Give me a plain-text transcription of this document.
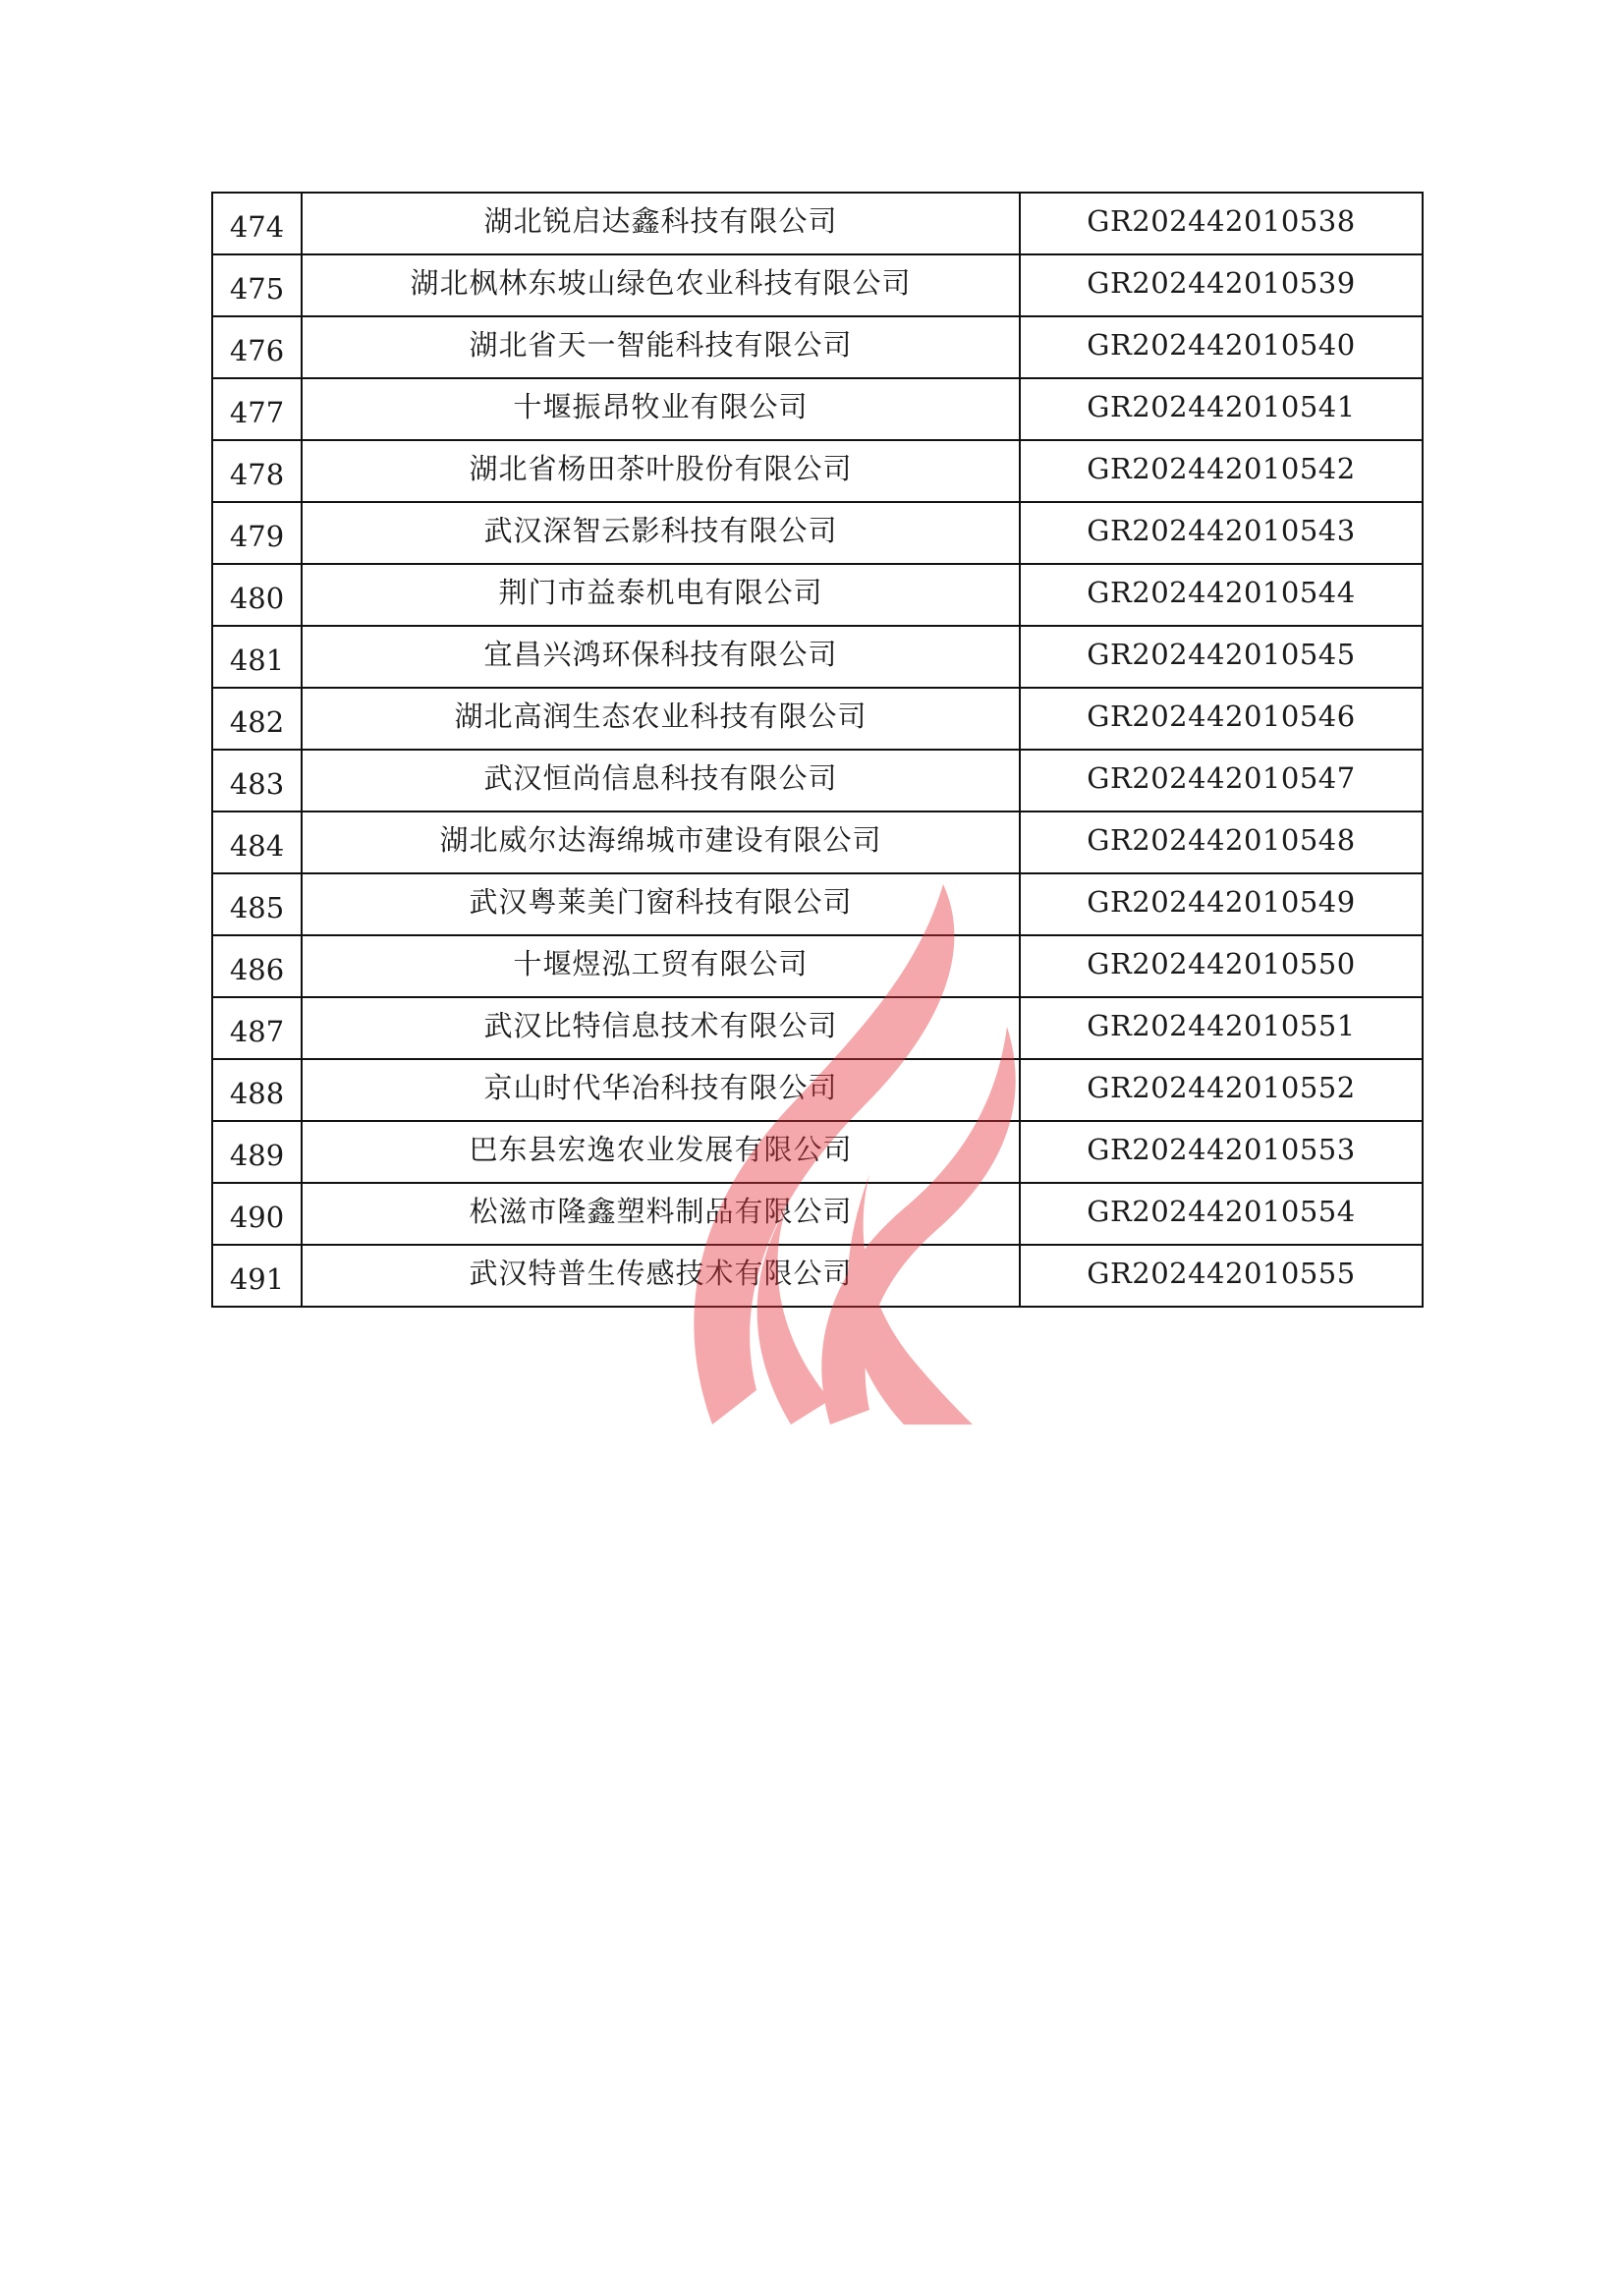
474	湖北锐启达鑫科技有限公司	GR202442010538
475	湖北枫林东坡山绿色农业科技有限公司	GR202442010539
476	湖北省天一智能科技有限公司	GR202442010540
477	十堰振昂牧业有限公司	GR202442010541
478	湖北省杨田茶叶股份有限公司	GR202442010542
479	武汉深智云影科技有限公司	GR202442010543
480	荆门市益泰机电有限公司	GR202442010544
481	宜昌兴鸿环保科技有限公司	GR202442010545
482	湖北高润生态农业科技有限公司	GR202442010546
483	武汉恒尚信息科技有限公司	GR202442010547
484	湖北威尔达海绵城市建设有限公司	GR202442010548
485	武汉粤莱美门窗科技有限公司	GR202442010549
486	十堰煜泓工贸有限公司	GR202442010550
487	武汉比特信息技术有限公司	GR202442010551
488	京山时代华冶科技有限公司	GR202442010552
489	巴东县宏逸农业发展有限公司	GR202442010553
490	松滋市隆鑫塑料制品有限公司	GR202442010554
491	武汉特普生传感技术有限公司	GR202442010555
